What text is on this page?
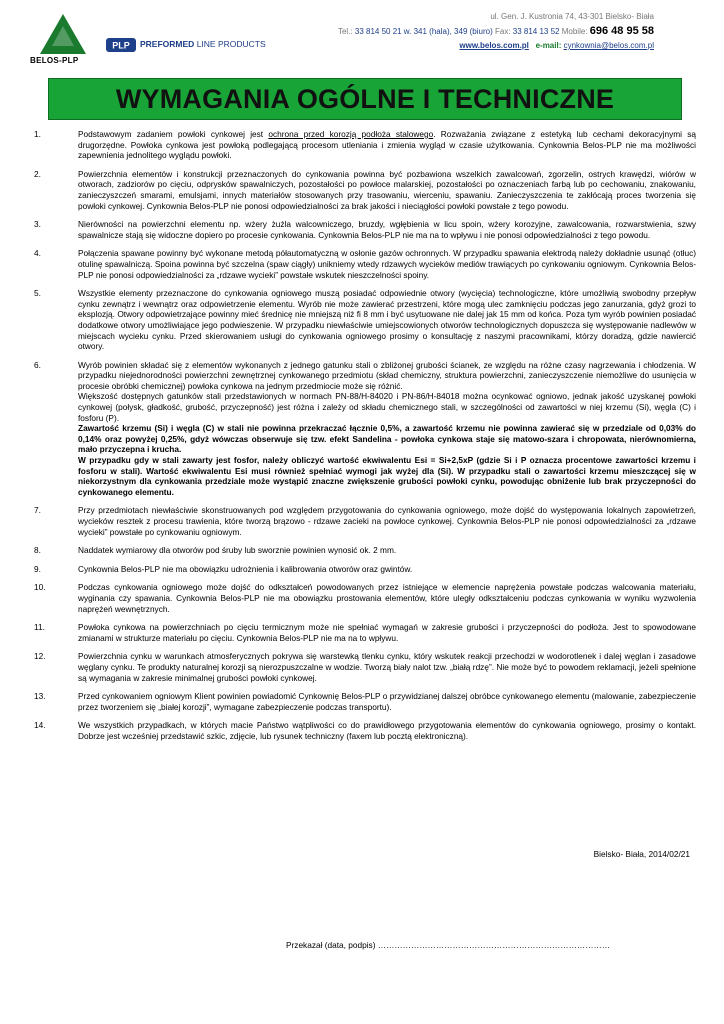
BELOS-PLP
PLP PREFORMED LINE PRODUCTS
ul. Gen. J. Kustronia 74, 43-301 Bielsko- Biała
Tel.: 33 814 50 21 w. 341 (hala), 349 (biuro) Fax: 33 814 13 52 Mobile: 696 48 95 58
www.belos.com.pl e-mail: cynkownia@belos.com.pl
WYMAGANIA OGÓLNE I TECHNICZNE
1.	Podstawowym zadaniem powłoki cynkowej jest ochrona przed korozją podłoża stalowego. Rozważania związane z estetyką lub cechami dekoracyjnymi są drugorzędne. Powłoka cynkowa jest powłoką podlegającą procesom utleniania i zmienia wygląd w czasie użytkowania. Cynkownia Belos-PLP nie ma możliwości zapewnienia jednolitego wyglądu powłoki.
2.	Powierzchnia elementów i konstrukcji przeznaczonych do cynkowania powinna być pozbawiona wszelkich zawalcowań, zgorzelin, ostrych krawędzi, wiórów w otworach, zadziorów po cięciu, odprysków spawalniczych, pozostałości po powłoce malarskiej, pozostałości po oznaczeniach farbą lub po cechowaniu, znakowaniu, zanieczyszczeń smarami, emulsjami, innych materiałów stosowanych przy trasowaniu, wierceniu, spawaniu. Zanieczyszczenia te zakłócają proces tworzenia się powłoki cynkowej. Cynkownia Belos-PLP nie ponosi odpowiedzialności za brak jakości i nieciągłości powłoki powstałe z tego powodu.
3.	Nierówności na powierzchni elementu np. wżery żużla walcowniczego, bruzdy, wgłębienia w licu spoin, wżery korozyjne, zawalcowania, rozwarstwienia, szwy spawalnicze stają się widoczne dopiero po procesie cynkowania. Cynkownia Belos-PLP nie ma na to wpływu i nie ponosi odpowiedzialności z tego powodu.
4.	Połączenia spawane powinny być wykonane metodą półautomatyczną w osłonie gazów ochronnych. W przypadku spawania elektrodą należy dokładnie usunąć (otłuc) otulinę spawalniczą. Spoina powinna być szczelna (spaw ciągły) unikniemy wtedy rdzawych wycieków mediów trawiących po cynkowaniu ogniowym. Cynkownia Belos-PLP nie ponosi odpowiedzialności za „rdzawe wycieki” powstałe wskutek nieszczelności spoiny.
5.	Wszystkie elementy przeznaczone do cynkowania ogniowego muszą posiadać odpowiednie otwory (wycięcia) technologiczne, które umożliwią swobodny przepływ cynku zewnątrz i wewnątrz oraz odpowietrzenie elementu. Wyrób nie może zawierać przestrzeni, które mogą ulec zamknięciu podczas jego zanurzania, gdyż grozi to eksplozją. Otwory odpowietrzające powinny mieć średnicę nie mniejszą niż fi 8 mm i być usytuowane nie dalej jak 15 mm od końca. Poza tym wyrób powinien posiadać dodatkowe otwory umożliwiające jego podwieszenie. W przypadku niewłaściwie umiejscowionych otworów technologicznych dopuszcza się występowanie nadlewów w miejscach wycieku cynku. Przed skierowaniem usługi do cynkowania ogniowego prosimy o konsultację z naszymi pracownikami, którzy doradzą, gdzie nawiercić otwory.
6.	Wyrób powinien składać się z elementów wykonanych z jednego gatunku stali o zbliżonej grubości ścianek, ze względu na różne czasy nagrzewania i chłodzenia. W przypadku niejednorodności powierzchni zewnętrznej cynkowanego przedmiotu (skład chemiczny, struktura powierzchni, zanieczyszczenie niemożliwe do usunięcia w procesie obróbki chemicznej) powłoka cynkowa na jednym przedmiocie może się różnić.

Większość dostępnych gatunków stali przedstawionych w normach PN-88/H-84020 i PN-86/H-84018 można ocynkować ogniowo, jednak jakość uzyskanej powłoki cynkowej (połysk, gładkość, grubość, przyczepność) jest różna i zależy od składu chemicznego stali, w szczególności od zawartości w niej krzemu (Si), węgla (C) i fosforu (P).

Zawartość krzemu (Si) i węgla (C) w stali nie powinna przekraczać łącznie 0,5%, a zawartość krzemu nie powinna zawierać się w przedziale od 0,03% do 0,14% oraz powyżej 0,25%, gdyż wówczas obserwuje się tzw. efekt Sandelina - powłoka cynkowa staje się matowo-szara i chropowata, nierównomierna, mało przyczepna i krucha.

W przypadku gdy w stali zawarty jest fosfor, należy obliczyć wartość ekwiwalentu Esi = Si+2,5xP (gdzie Si i P oznacza procentowe zawartości krzemu i fosforu w stali). Wartość ekwiwalentu Esi musi również spełniać wymogi jak wyżej dla (Si). W przypadku stali o zawartości krzemu mieszczącej się w niekorzystnym dla cynkowania przedziale może wystąpić znaczne zwiększenie grubości powłoki cynku, powodując obniżenie lub brak przyczepności do cynkowanego elementu.

7.	Przy przedmiotach niewłaściwie skonstruowanych pod względem przygotowania do cynkowania ogniowego, może dojść do występowania lokalnych zapowietrzeń, wycieków resztek z procesu trawienia, które tworzą brązowo - rdzawe zacieki na powłoce cynkowej. Cynkownia Belos-PLP nie ponosi odpowiedzialności za „rdzawe wycieki” powstałe po cynkowaniu ogniowym.
8.	Naddatek wymiarowy dla otworów pod śruby lub sworznie powinien wynosić ok. 2 mm.
9.	Cynkownia Belos-PLP nie ma obowiązku udrożnienia i kalibrowania otworów oraz gwintów.
10.	Podczas cynkowania ogniowego może dojść do odkształceń powodowanych przez istniejące w elemencie naprężenia powstałe podczas walcowania materiału, wyginania czy spawania. Cynkownia Belos-PLP nie ma obowiązku prostowania elementów, które uległy odkształceniu podczas cynkowania w wyniku wyzwolenia naprężeń wewnętrznych.
11.	Powłoka cynkowa na powierzchniach po cięciu termicznym może nie spełniać wymagań w zakresie grubości i przyczepności do podłoża. Jest to spowodowane zmianami w strukturze materiału po cięciu. Cynkownia Belos-PLP nie ma na to wpływu.
12.	Powierzchnia cynku w warunkach atmosferycznych pokrywa się warstewką tlenku cynku, który wskutek reakcji przechodzi w wodorotlenek i dalej węglan i zasadowe węglany cynku. Te produkty naturalnej korozji są nierozpuszczalne w wodzie. Tworzą biały nalot tzw. „białą rdzę”. Nie może być to powodem reklamacji, jeżeli spełnione są wymagania w zakresie minimalnej grubości powłoki cynkowej.
13.	Przed cynkowaniem ogniowym Klient powinien powiadomić Cynkownię Belos-PLP o przywidzianej dalszej obróbce cynkowanego elementu (malowanie, zabezpieczenie przez tworzeniem się „białej korozji”, wymagane zabezpieczenie podczas transportu).
14.	We wszystkich przypadkach, w których macie Państwo wątpliwości co do prawidłowego przygotowania elementów do cynkowania ogniowego, prosimy o kontakt. Dobrze jest wcześniej przedstawić szkic, zdjęcie, lub rysunek techniczny (faxem lub pocztą elektroniczną).
Bielsko- Biała, 2014/02/21
Przekazał (data, podpis) …………………………………………………………………………
